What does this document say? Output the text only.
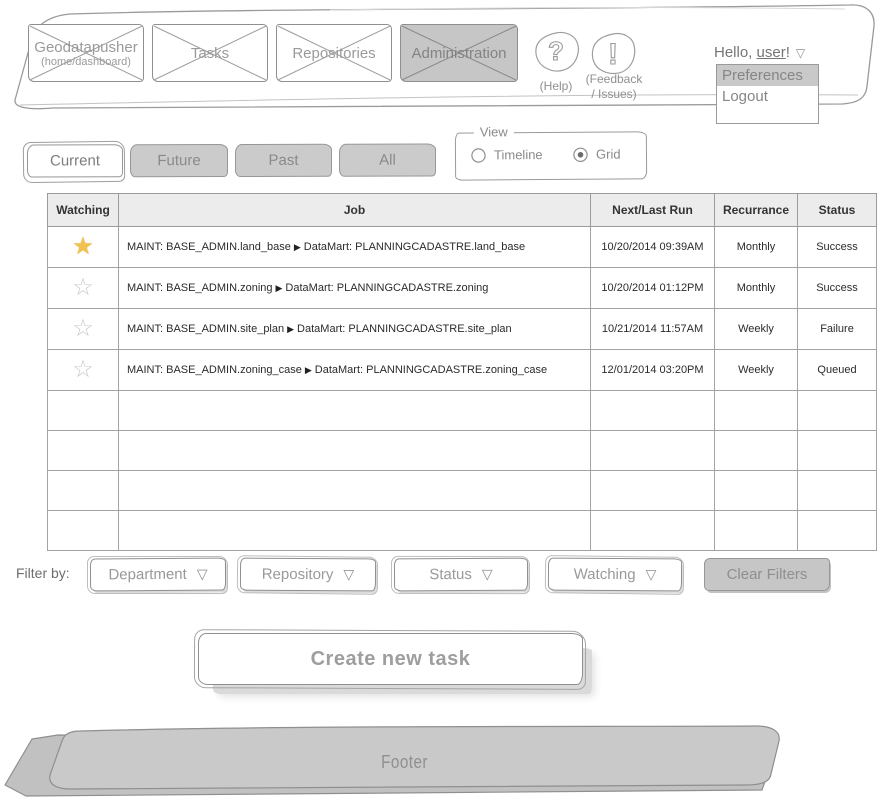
Geodatapusher
(home/dashboard)	Tasks	Repositories Administration ?
(Help)
!
(Feedback
/ Issues)
Hello, user! ▽
Preferences
Logout
Current	Future	Past	All
View
Timeline	Grid
Watching	Job	Next/Last Run	Recurrance	Status
★	MAINT: BASE_ADMIN.land_base ▶ DataMart: PLANNINGCADASTRE.land_base	10/20/2014 09:39AM	Monthly	Success
☆	MAINT: BASE_ADMIN.zoning ▶ DataMart: PLANNINGCADASTRE.zoning	10/20/2014 01:12PM	Monthly	Success
☆	MAINT: BASE_ADMIN.site_plan ▶ DataMart: PLANNINGCADASTRE.site_plan	10/21/2014 11:57AM	Weekly	Failure
☆	MAINT: BASE_ADMIN.zoning_case ▶ DataMart: PLANNINGCADASTRE.zoning_case	12/01/2014 03:20PM	Weekly	Queued

Filter by:	Department ▽	Repository ▽	Status ▽	Watching ▽	Clear Filters
Create new task
Footer
